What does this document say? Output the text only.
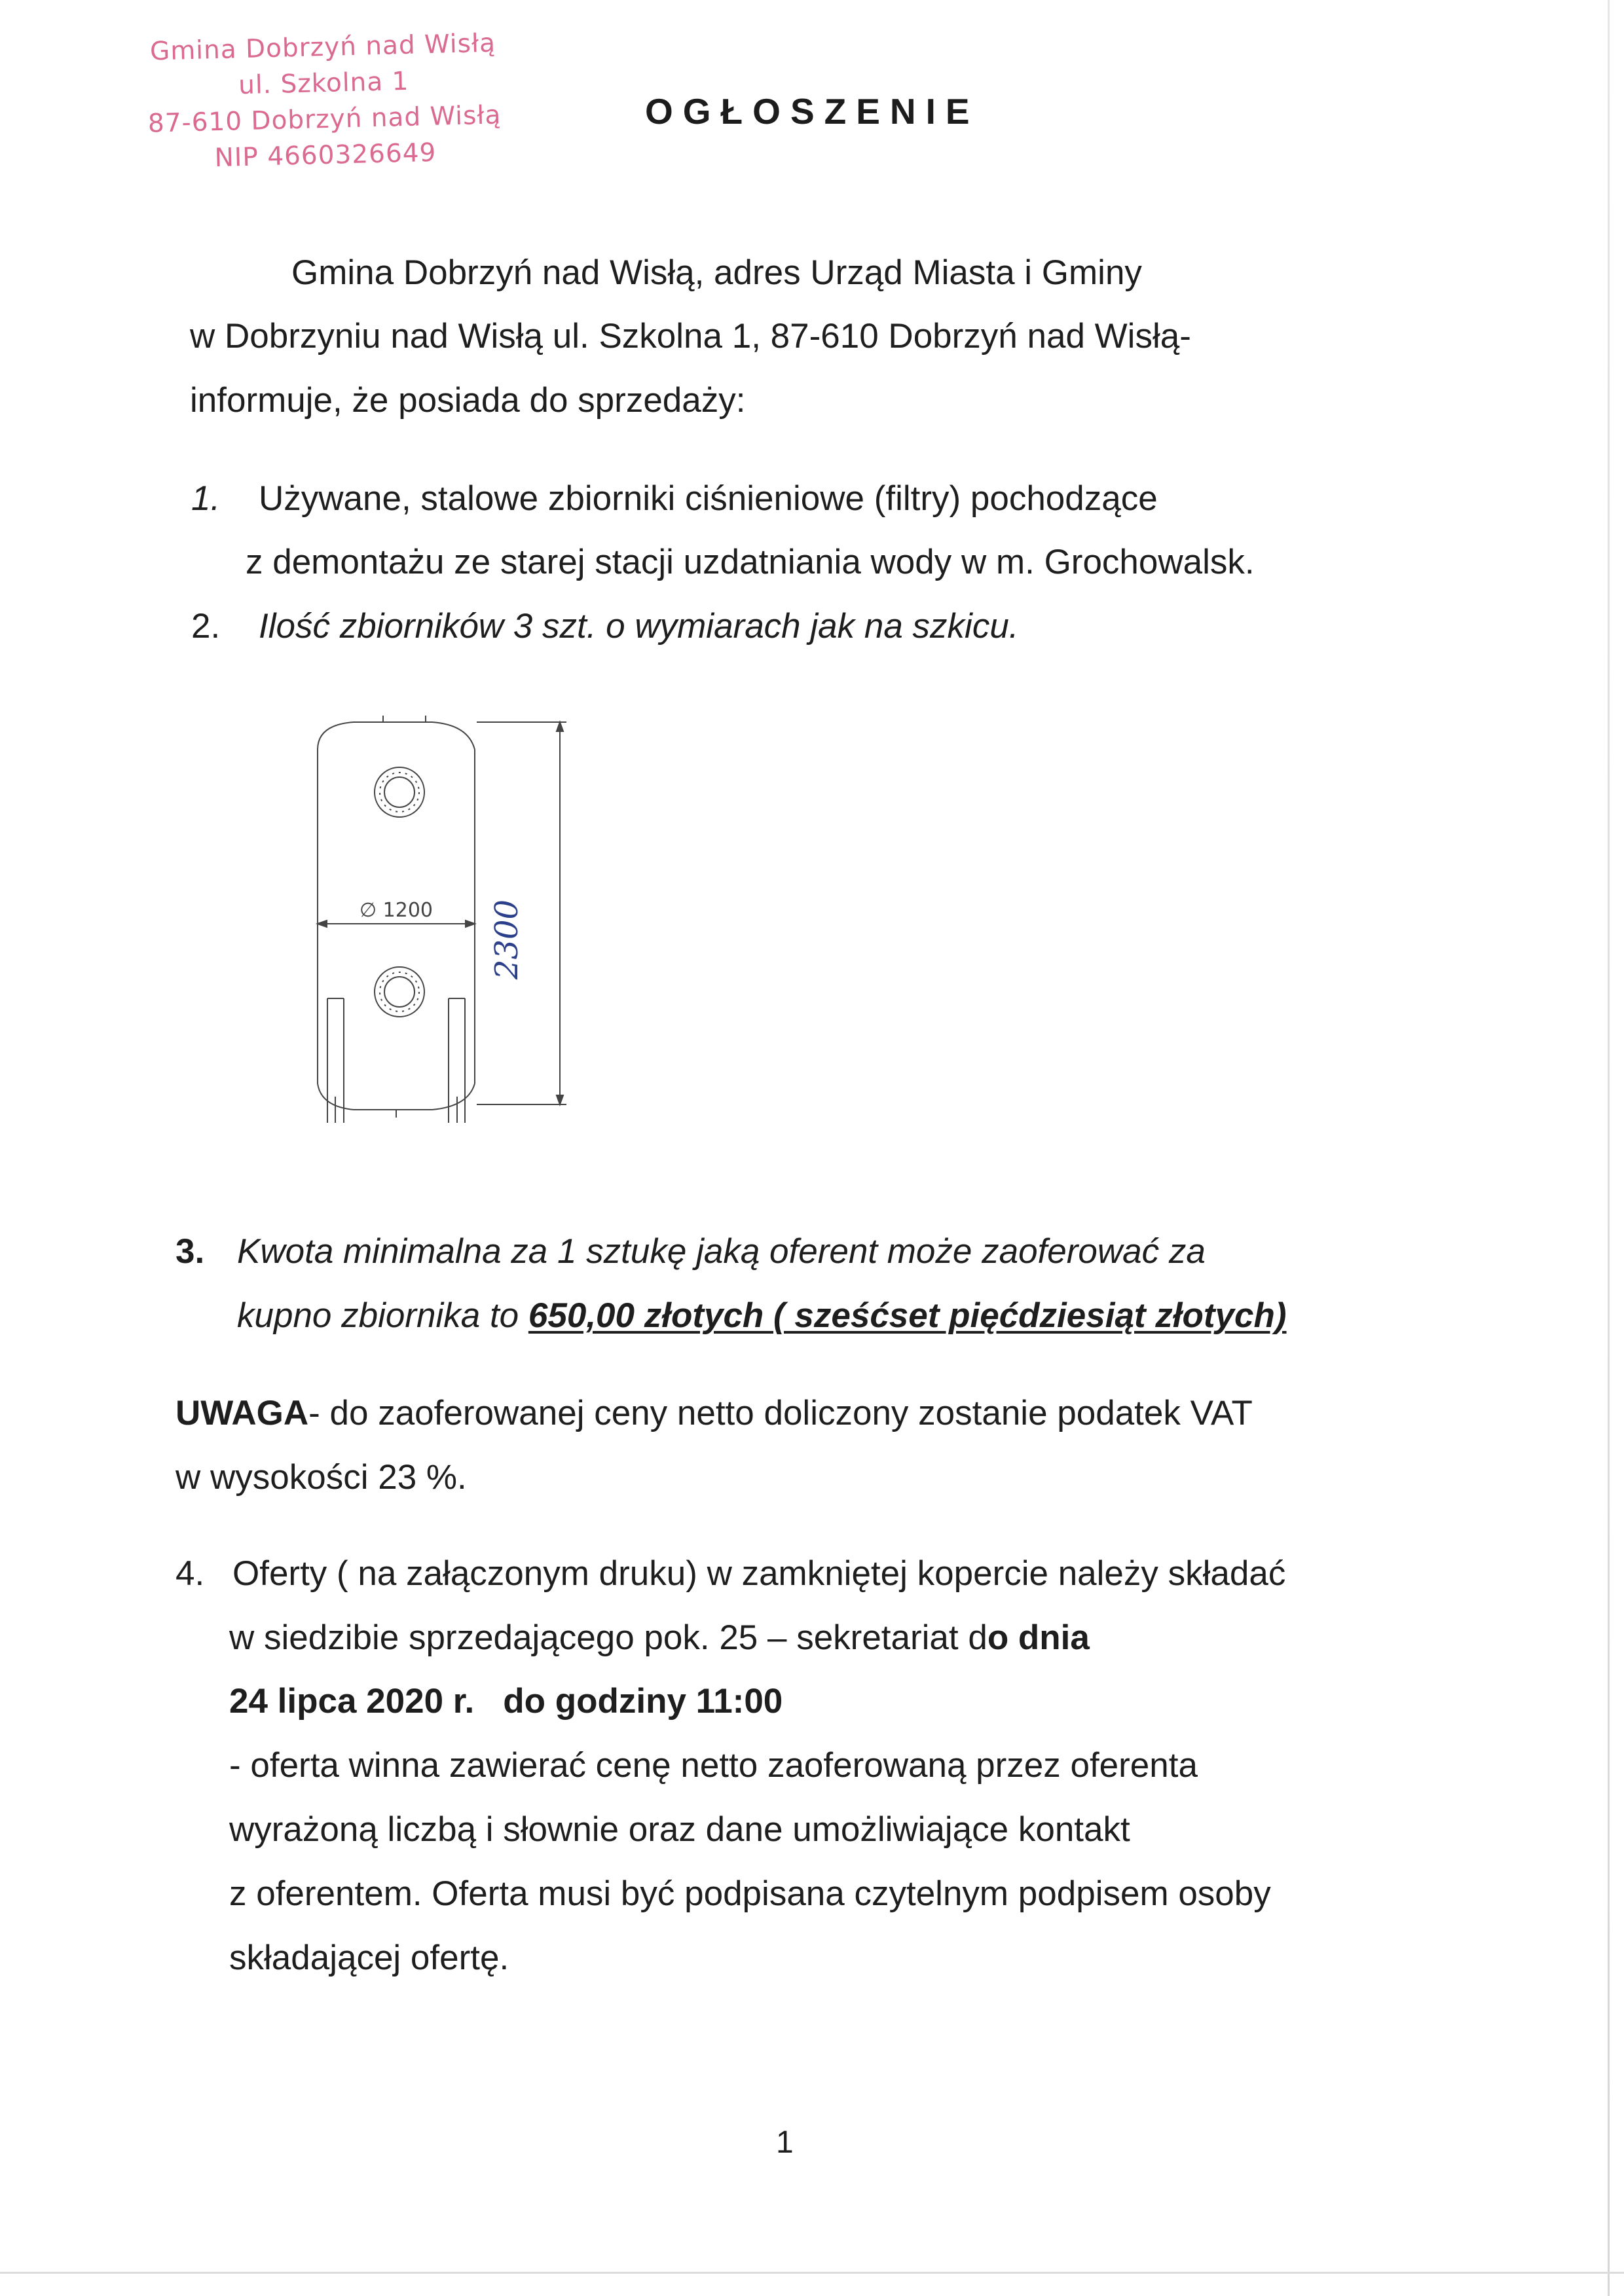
Gmina Dobrzyń nad Wisłą
ul. Szkolna 1
87-610 Dobrzyń nad Wisłą
NIP 4660326649
OGŁOSZENIE
Gmina Dobrzyń nad Wisłą, adres Urząd Miasta i Gminy
w Dobrzyniu nad Wisłą ul. Szkolna 1, 87-610 Dobrzyń nad Wisłą-
informuje, że posiada do sprzedaży:
1. Używane, stalowe zbiorniki ciśnieniowe (filtry) pochodzące
z demontażu ze starej stacji uzdatniania wody w m. Grochowalsk.
2. Ilość zbiorników 3 szt. o wymiarach jak na szkicu.
∅ 1200 2300
3. Kwota minimalna za 1 sztukę jaką oferent może zaoferować za
kupno zbiornika to 650,00 złotych ( sześćset pięćdziesiąt złotych)
UWAGA- do zaoferowanej ceny netto doliczony zostanie podatek VAT
w wysokości 23 %.
4. Oferty ( na załączonym druku) w zamkniętej kopercie należy składać
w siedzibie sprzedającego pok. 25 – sekretariat do dnia
24 lipca 2020 r. do godziny 11:00
- oferta winna zawierać cenę netto zaoferowaną przez oferenta
wyrażoną liczbą i słownie oraz dane umożliwiające kontakt
z oferentem. Oferta musi być podpisana czytelnym podpisem osoby
składającej ofertę.
1
